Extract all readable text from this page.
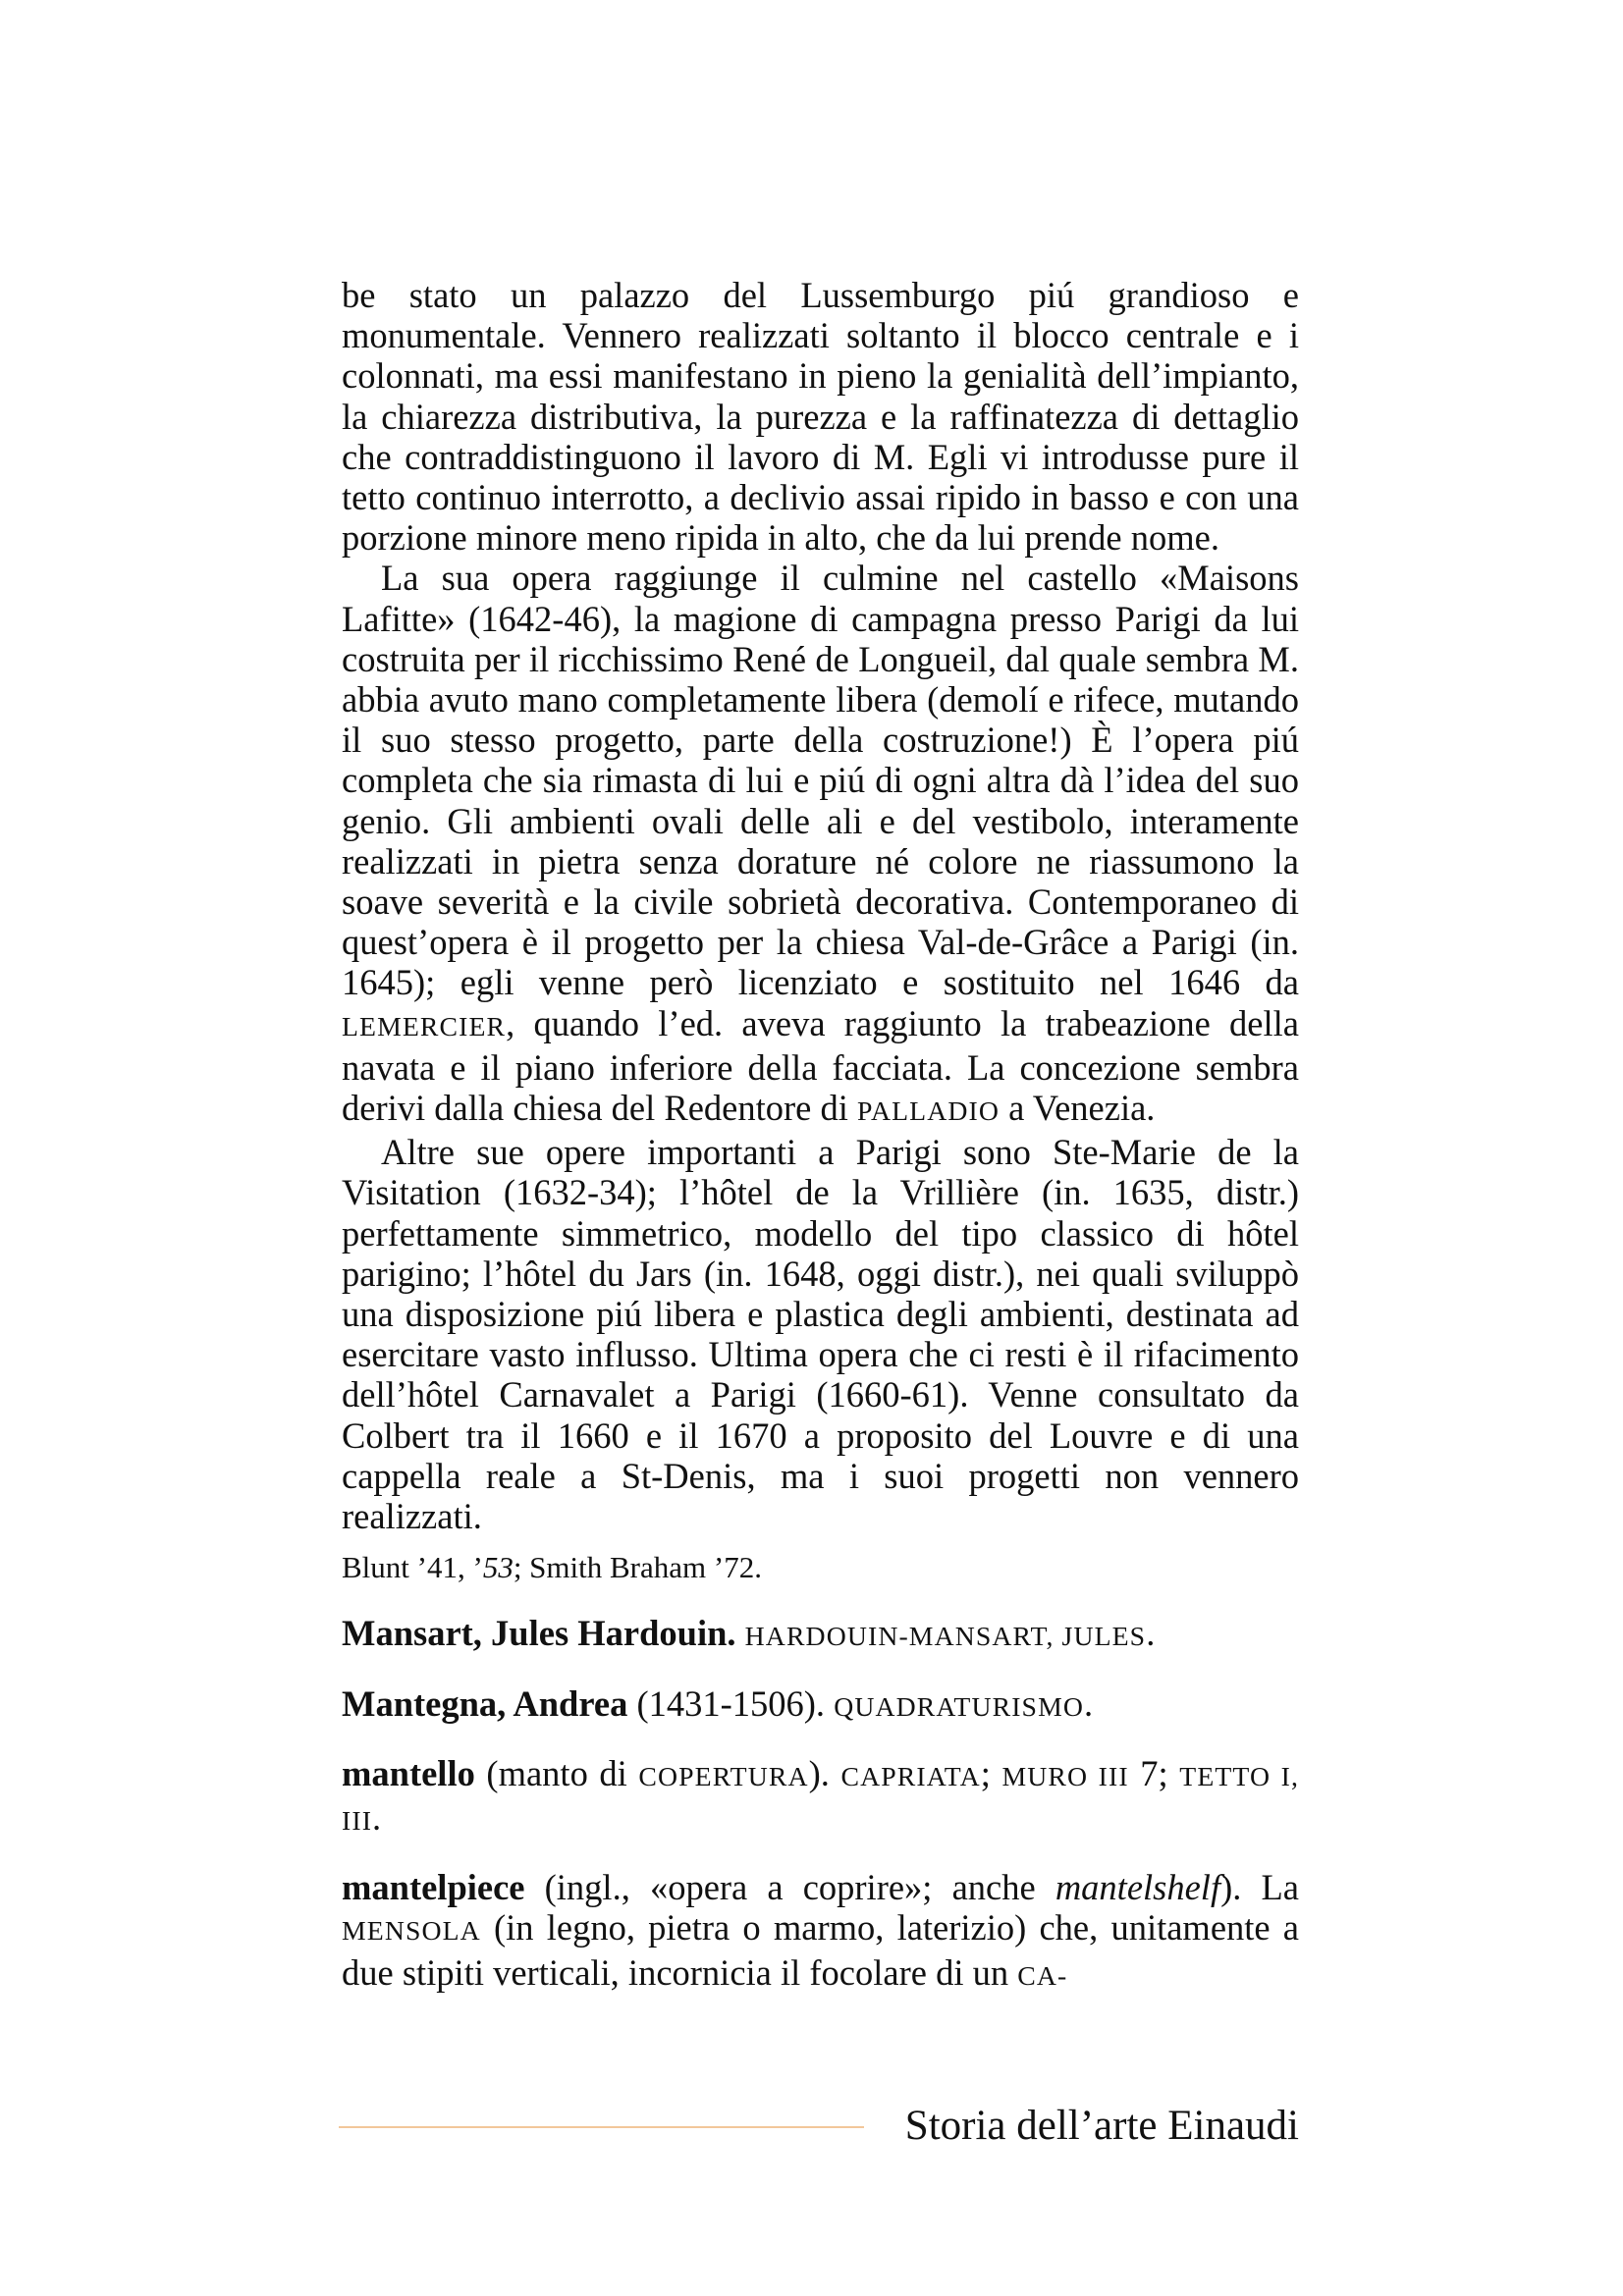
be stato un palazzo del Lussemburgo piú grandioso e monumentale. Vennero realizzati soltanto il blocco centrale e i colonnati, ma essi manifestano in pieno la genialità dell’impianto, la chiarezza distributiva, la purezza e la raffinatezza di dettaglio che contraddistinguono il lavoro di M. Egli vi introdusse pure il tetto continuo interrotto, a declivio assai ripido in basso e con una porzione minore meno ripida in alto, che da lui prende nome.

La sua opera raggiunge il culmine nel castello «Maisons Lafitte» (1642-46), la magione di campagna presso Parigi da lui costruita per il ricchissimo René de Longueil, dal quale sembra M. abbia avuto mano completamente libera (demolí e rifece, mutando il suo stesso progetto, parte della costruzione!) È l’opera piú completa che sia rimasta di lui e piú di ogni altra dà l’idea del suo genio. Gli ambienti ovali delle ali e del vestibolo, interamente realizzati in pietra senza dorature né colore ne riassumono la soave severità e la civile sobrietà decorativa. Contemporaneo di quest’opera è il progetto per la chiesa Val-de-Grâce a Parigi (in. 1645); egli venne però licenziato e sostituito nel 1646 da LEMERCIER, quando l’ed. aveva raggiunto la trabeazione della navata e il piano inferiore della facciata. La concezione sembra derivi dalla chiesa del Redentore di PALLADIO a Venezia.

Altre sue opere importanti a Parigi sono Ste-Marie de la Visitation (1632-34); l’hôtel de la Vrillière (in. 1635, distr.) perfettamente simmetrico, modello del tipo classico di hôtel parigino; l’hôtel du Jars (in. 1648, oggi distr.), nei quali sviluppò una disposizione piú libera e plastica degli ambienti, destinata ad esercitare vasto influsso. Ultima opera che ci resti è il rifacimento dell’hôtel Carnavalet a Parigi (1660-61). Venne consultato da Colbert tra il 1660 e il 1670 a proposito del Louvre e di una cappella reale a St-Denis, ma i suoi progetti non vennero realizzati.

Blunt ’41, ’53; Smith Braham ’72.

Mansart, Jules Hardouin. HARDOUIN-MANSART, JULES.

Mantegna, Andrea (1431-1506). QUADRATURISMO.

mantello (manto di COPERTURA). CAPRIATA; MURO III 7; TETTO I, III.

mantelpiece (ingl., «opera a coprire»; anche mantelshelf). La MENSOLA (in legno, pietra o marmo, laterizio) che, unitamente a due stipiti verticali, incornicia il focolare di un CA-

Storia dell’arte Einaudi
